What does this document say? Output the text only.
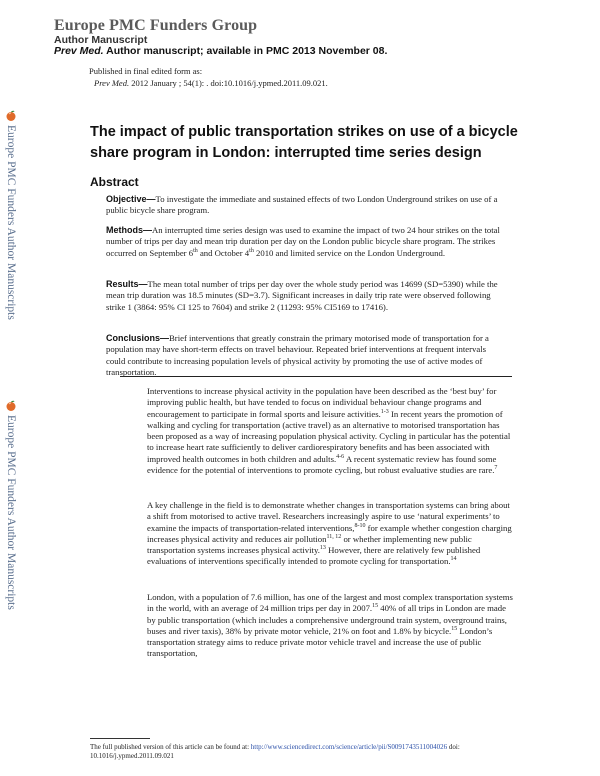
Europe PMC Funders Group
Author Manuscript
Prev Med. Author manuscript; available in PMC 2013 November 08.
Published in final edited form as:
Prev Med. 2012 January ; 54(1): . doi:10.1016/j.ypmed.2011.09.021.
Europe PMC Funders Author Manuscripts
Europe PMC Funders Author Manuscripts
The impact of public transportation strikes on use of a bicycle share program in London: interrupted time series design
Abstract
Objective—To investigate the immediate and sustained effects of two London Underground strikes on use of a public bicycle share program.
Methods—An interrupted time series design was used to examine the impact of two 24 hour strikes on the total number of trips per day and mean trip duration per day on the London public bicycle share program. The strikes occurred on September 6th and October 4th 2010 and limited service on the London Underground.
Results—The mean total number of trips per day over the whole study period was 14699 (SD=5390) while the mean trip duration was 18.5 minutes (SD=3.7). Significant increases in daily trip rate were observed following strike 1 (3864: 95% CI 125 to 7604) and strike 2 (11293: 95% CI5169 to 17416).
Conclusions—Brief interventions that greatly constrain the primary motorised mode of transportation for a population may have short-term effects on travel behaviour. Repeated brief interventions at frequent intervals could contribute to increasing population levels of physical activity by promoting the use of active modes of transportation.
Interventions to increase physical activity in the population have been described as the ‘best buy’ for improving public health, but have tended to focus on individual behaviour change programs and encouragement to participate in formal sports and leisure activities.$^{1-3}$ In recent years the promotion of walking and cycling for transportation (active travel) as an alternative to motorised transportation has been proposed as a way of increasing population physical activity. Cycling in particular has the potential to increase heart rate sufficiently to deliver cardiorespiratory benefits and has been associated with improved health outcomes in both children and adults.$^{4-6}$ A recent systematic review has found some evidence for the potential of interventions to promote cycling, but robust evaluative studies are rare.$^7$
A key challenge in the field is to demonstrate whether changes in transportation systems can bring about a shift from motorised to active travel. Researchers increasingly aspire to use ‘natural experiments’ to examine the impacts of transportation-related interventions,$^{8-10}$ for example whether congestion charging increases physical activity and reduces air pollution$^{11, 12}$ or whether implementing new public transportation systems increases physical activity.$^{13}$ However, there are relatively few published evaluations of interventions specifically intended to promote cycling for transportation.$^{14}$
London, with a population of 7.6 million, has one of the largest and most complex transportation systems in the world, with an average of 24 million trips per day in 2007.15 40% of all trips in London are made by public transportation (which includes a comprehensive underground train system, overground trains, buses and river taxis), 38% by private motor vehicle, 21% on foot and 1.8% by bicycle.$^{15}$ London’s transportation strategy aims to reduce private motor vehicle travel and increase the use of public transportation,
The full published version of this article can be found at: http://www.sciencedirect.com/science/article/pii/S0091743511004026 doi: 10.1016/j.ypmed.2011.09.021
